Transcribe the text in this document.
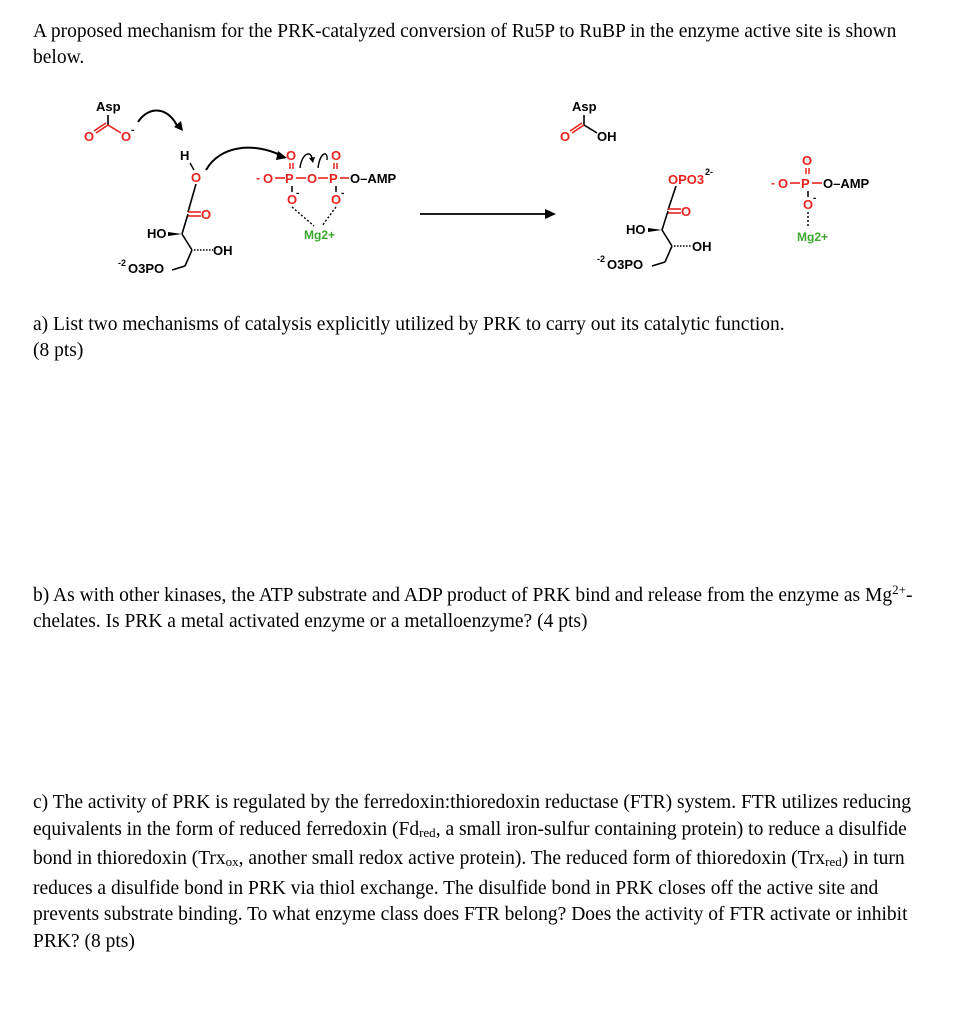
A proposed mechanism for the PRK-catalyzed conversion of Ru5P to RuBP in the enzyme active site is shown below.

Asp
O O -
H
O
O
HO
OH
-2 O3PO
- O P
O
O
-
O P
O
O -
O–AMP
Mg2+
Asp
O OH
OPO3 2-
O
HO
OH
-2 O3PO
- O P
O
O -
O–AMP
Mg2+

a) List two mechanisms of catalysis explicitly utilized by PRK to carry out its catalytic function.
(8 pts)

b) As with other kinases, the ATP substrate and ADP product of PRK bind and release from the enzyme as $Mg^{2+}$-chelates. Is PRK a metal activated enzyme or a metalloenzyme? (4 pts)

c) The activity of PRK is regulated by the ferredoxin:thioredoxin reductase (FTR) system. FTR utilizes reducing equivalents in the form of reduced ferredoxin (Fdred, a small iron-sulfur containing protein) to reduce a disulfide bond in thioredoxin (Trxox, another small redox active protein). The reduced form of thioredoxin (Trxred) in turn reduces a disulfide bond in PRK via thiol exchange. The disulfide bond in PRK closes off the active site and prevents substrate binding. To what enzyme class does FTR belong? Does the activity of FTR activate or inhibit PRK? (8 pts)
